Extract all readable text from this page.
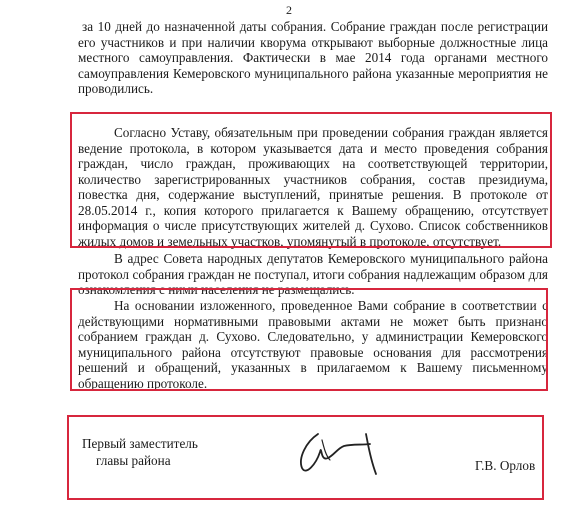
2

за 10 дней до назначенной даты собрания. Собрание граждан после регистрации его участников и при наличии кворума открывают выборные должностные лица местного самоуправления. Фактически в мае 2014 года органами местного самоуправления Кемеровского муниципального района указанные мероприятия не проводились.

Согласно Уставу, обязательным при проведении собрания граждан является ведение протокола, в котором указывается дата и место проведения собрания граждан, число граждан, проживающих на соответствующей территории, количество зарегистрированных участников собрания, состав президиума, повестка дня, содержание выступлений, принятые решения. В протоколе от 28.05.2014 г., копия которого прилагается к Вашему обращению, отсутствует информация о числе присутствующих жителей д. Сухово. Список собственников жилых домов и земельных участков, упомянутый в протоколе, отсутствует.

В адрес Совета народных депутатов Кемеровского муниципального района протокол собрания граждан не поступал, итоги собрания надлежащим образом для ознакомления с ними населения не размещались.

На основании изложенного, проведенное Вами собрание в соответствии с действующими нормативными правовыми актами не может быть признано собранием граждан д. Сухово. Следовательно, у администрации Кемеровского муниципального района отсутствуют правовые основания для рассмотрения решений и обращений, указанных в прилагаемом к Вашему письменному обращению протоколе.

Первый заместитель
главы района	Г.В. Орлов
